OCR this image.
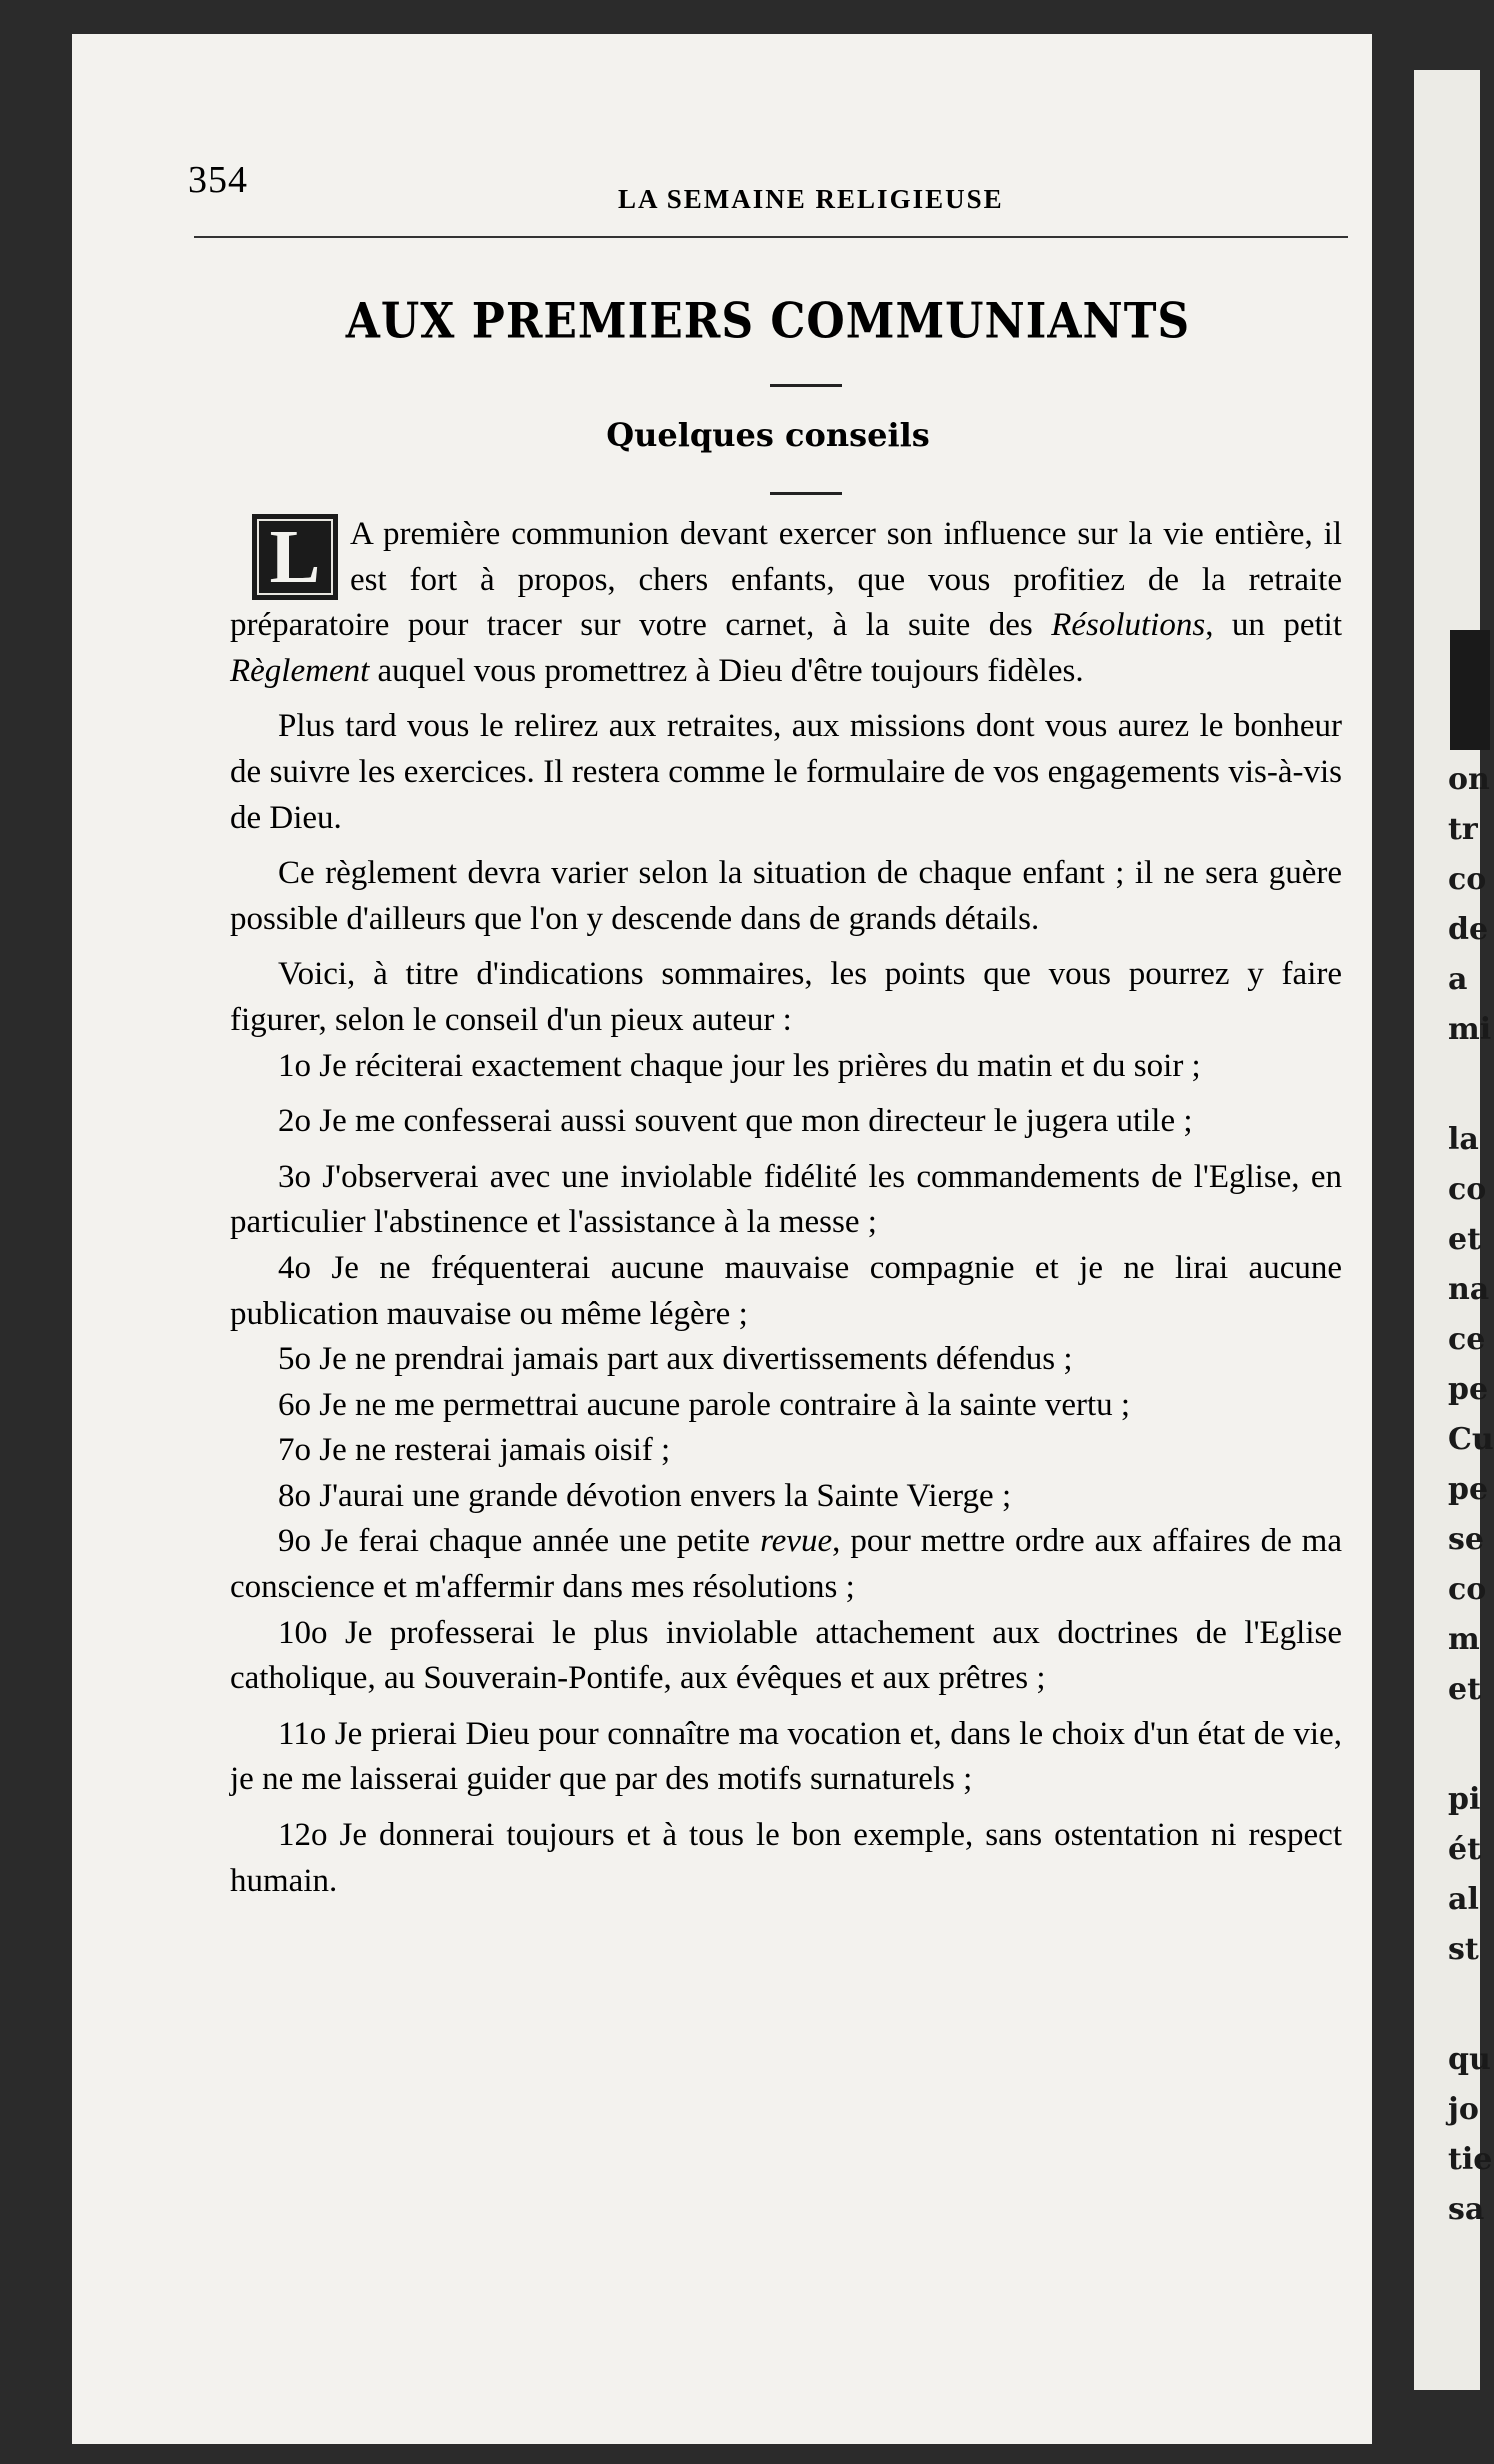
on
tr
co
de
a
mi
la
co
et
na
ce
pe
Cu
pe
se
co
m
et
pi
ét
al
st
qu
jo
tie
sa
354	LA SEMAINE RELIGIEUSE
AUX PREMIERS COMMUNIANTS
Quelques conseils
L A première communion devant exercer son influence sur la vie entière, il est fort à propos, chers enfants, que vous profitiez de la retraite préparatoire pour tracer sur votre carnet, à la suite des Résolutions, un petit Règlement auquel vous promettrez à Dieu d'être toujours fidèles.

Plus tard vous le relirez aux retraites, aux missions dont vous aurez le bonheur de suivre les exercices. Il restera comme le formulaire de vos engagements vis-à-vis de Dieu.

Ce règlement devra varier selon la situation de chaque enfant ; il ne sera guère possible d'ailleurs que l'on y descende dans de grands détails.

Voici, à titre d'indications sommaires, les points que vous pourrez y faire figurer, selon le conseil d'un pieux auteur :

1o Je réciterai exactement chaque jour les prières du matin et du soir ;

2o Je me confesserai aussi souvent que mon directeur le jugera utile ;

3o J'observerai avec une inviolable fidélité les commandements de l'Eglise, en particulier l'abstinence et l'assistance à la messe ;

4o Je ne fréquenterai aucune mauvaise compagnie et je ne lirai aucune publication mauvaise ou même légère ;

5o Je ne prendrai jamais part aux divertissements défendus ;

6o Je ne me permettrai aucune parole contraire à la sainte vertu ;

7o Je ne resterai jamais oisif ;

8o J'aurai une grande dévotion envers la Sainte Vierge ;

9o Je ferai chaque année une petite revue, pour mettre ordre aux affaires de ma conscience et m'affermir dans mes résolutions ;

10o Je professerai le plus inviolable attachement aux doctrines de l'Eglise catholique, au Souverain-Pontife, aux évêques et aux prêtres ;

11o Je prierai Dieu pour connaître ma vocation et, dans le choix d'un état de vie, je ne me laisserai guider que par des motifs surnaturels ;

12o Je donnerai toujours et à tous le bon exemple, sans ostentation ni respect humain.
